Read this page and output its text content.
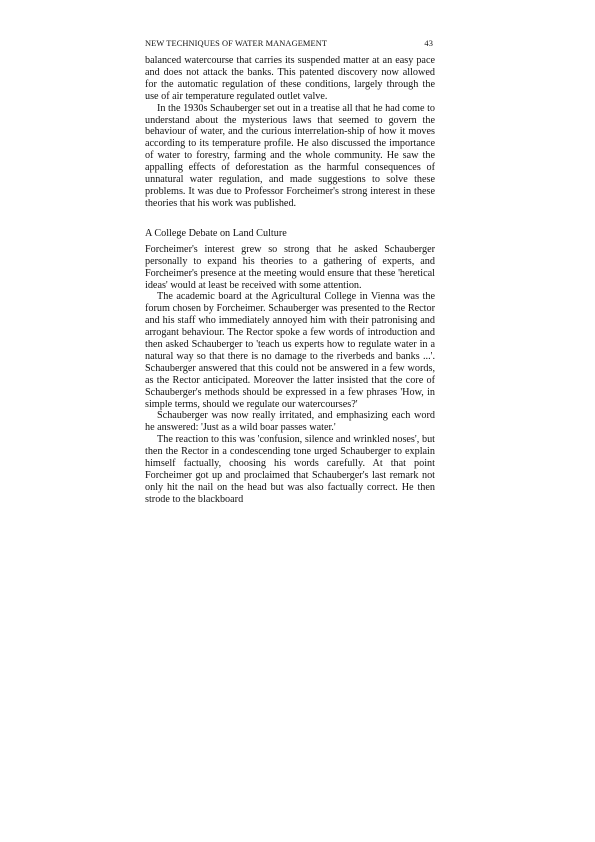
NEW TECHNIQUES OF WATER MANAGEMENT	43

balanced watercourse that carries its suspended matter at an easy pace and does not attack the banks. This patented discovery now allowed for the automatic regulation of these conditions, largely through the use of air temperature regulated outlet valve.

In the 1930s Schauberger set out in a treatise all that he had come to understand about the mysterious laws that seemed to govern the behaviour of water, and the curious interrelation-ship of how it moves according to its temperature profile. He also discussed the importance of water to forestry, farming and the whole community. He saw the appalling effects of deforestation as the harmful consequences of unnatural water regulation, and made suggestions to solve these problems. It was due to Professor Forcheimer's strong interest in these theories that his work was published.

A College Debate on Land Culture

Forcheimer's interest grew so strong that he asked Schauberger personally to expand his theories to a gathering of experts, and Forcheimer's presence at the meeting would ensure that these 'heretical ideas' would at least be received with some attention.

The academic board at the Agricultural College in Vienna was the forum chosen by Forcheimer. Schauberger was presented to the Rector and his staff who immediately annoyed him with their patronising and arrogant behaviour. The Rector spoke a few words of introduction and then asked Schauberger to 'teach us experts how to regulate water in a natural way so that there is no damage to the riverbeds and banks ...'. Schauberger answered that this could not be answered in a few words, as the Rector anticipated. Moreover the latter insisted that the core of Schauberger's methods should be expressed in a few phrases 'How, in simple terms, should we regulate our watercourses?'

Schauberger was now really irritated, and emphasizing each word he answered: 'Just as a wild boar passes water.'

The reaction to this was 'confusion, silence and wrinkled noses', but then the Rector in a condescending tone urged Schauberger to explain himself factually, choosing his words carefully. At that point Forcheimer got up and proclaimed that Schauberger's last remark not only hit the nail on the head but was also factually correct. He then strode to the blackboard
